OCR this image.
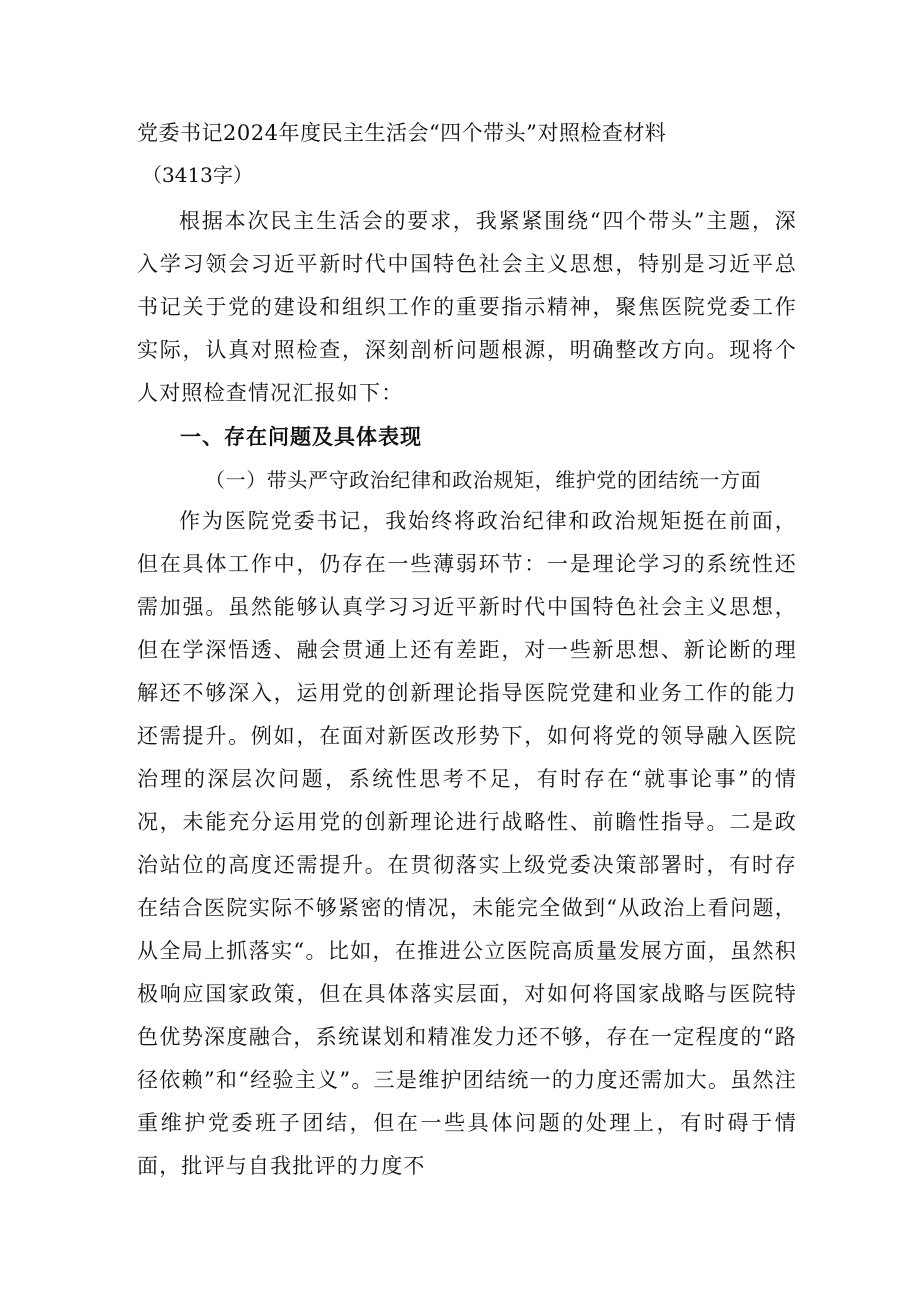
党委书记2024年度民主生活会“四个带头”对照检查材料
（3413字）
根据本次民主生活会的要求，我紧紧围绕“四个带头”主题，深入学习领会习近平新时代中国特色社会主义思想，特别是习近平总书记关于党的建设和组织工作的重要指示精神，聚焦医院党委工作实际，认真对照检查，深刻剖析问题根源，明确整改方向。现将个人对照检查情况汇报如下：
一、存在问题及具体表现
（一）带头严守政治纪律和政治规矩，维护党的团结统一方面
作为医院党委书记，我始终将政治纪律和政治规矩挺在前面，但在具体工作中，仍存在一些薄弱环节：一是理论学习的系统性还需加强。虽然能够认真学习习近平新时代中国特色社会主义思想，但在学深悟透、融会贯通上还有差距，对一些新思想、新论断的理解还不够深入，运用党的创新理论指导医院党建和业务工作的能力还需提升。例如，在面对新医改形势下，如何将党的领导融入医院治理的深层次问题，系统性思考不足，有时存在“就事论事”的情况，未能充分运用党的创新理论进行战略性、前瞻性指导。二是政治站位的高度还需提升。在贯彻落实上级党委决策部署时，有时存在结合医院实际不够紧密的情况，未能完全做到“从政治上看问题，从全局上抓落实“。比如，在推进公立医院高质量发展方面，虽然积极响应国家政策，但在具体落实层面，对如何将国家战略与医院特色优势深度融合，系统谋划和精准发力还不够，存在一定程度的“路径依赖”和“经验主义”。三是维护团结统一的力度还需加大。虽然注重维护党委班子团结，但在一些具体问题的处理上，有时碍于情面，批评与自我批评的力度不
